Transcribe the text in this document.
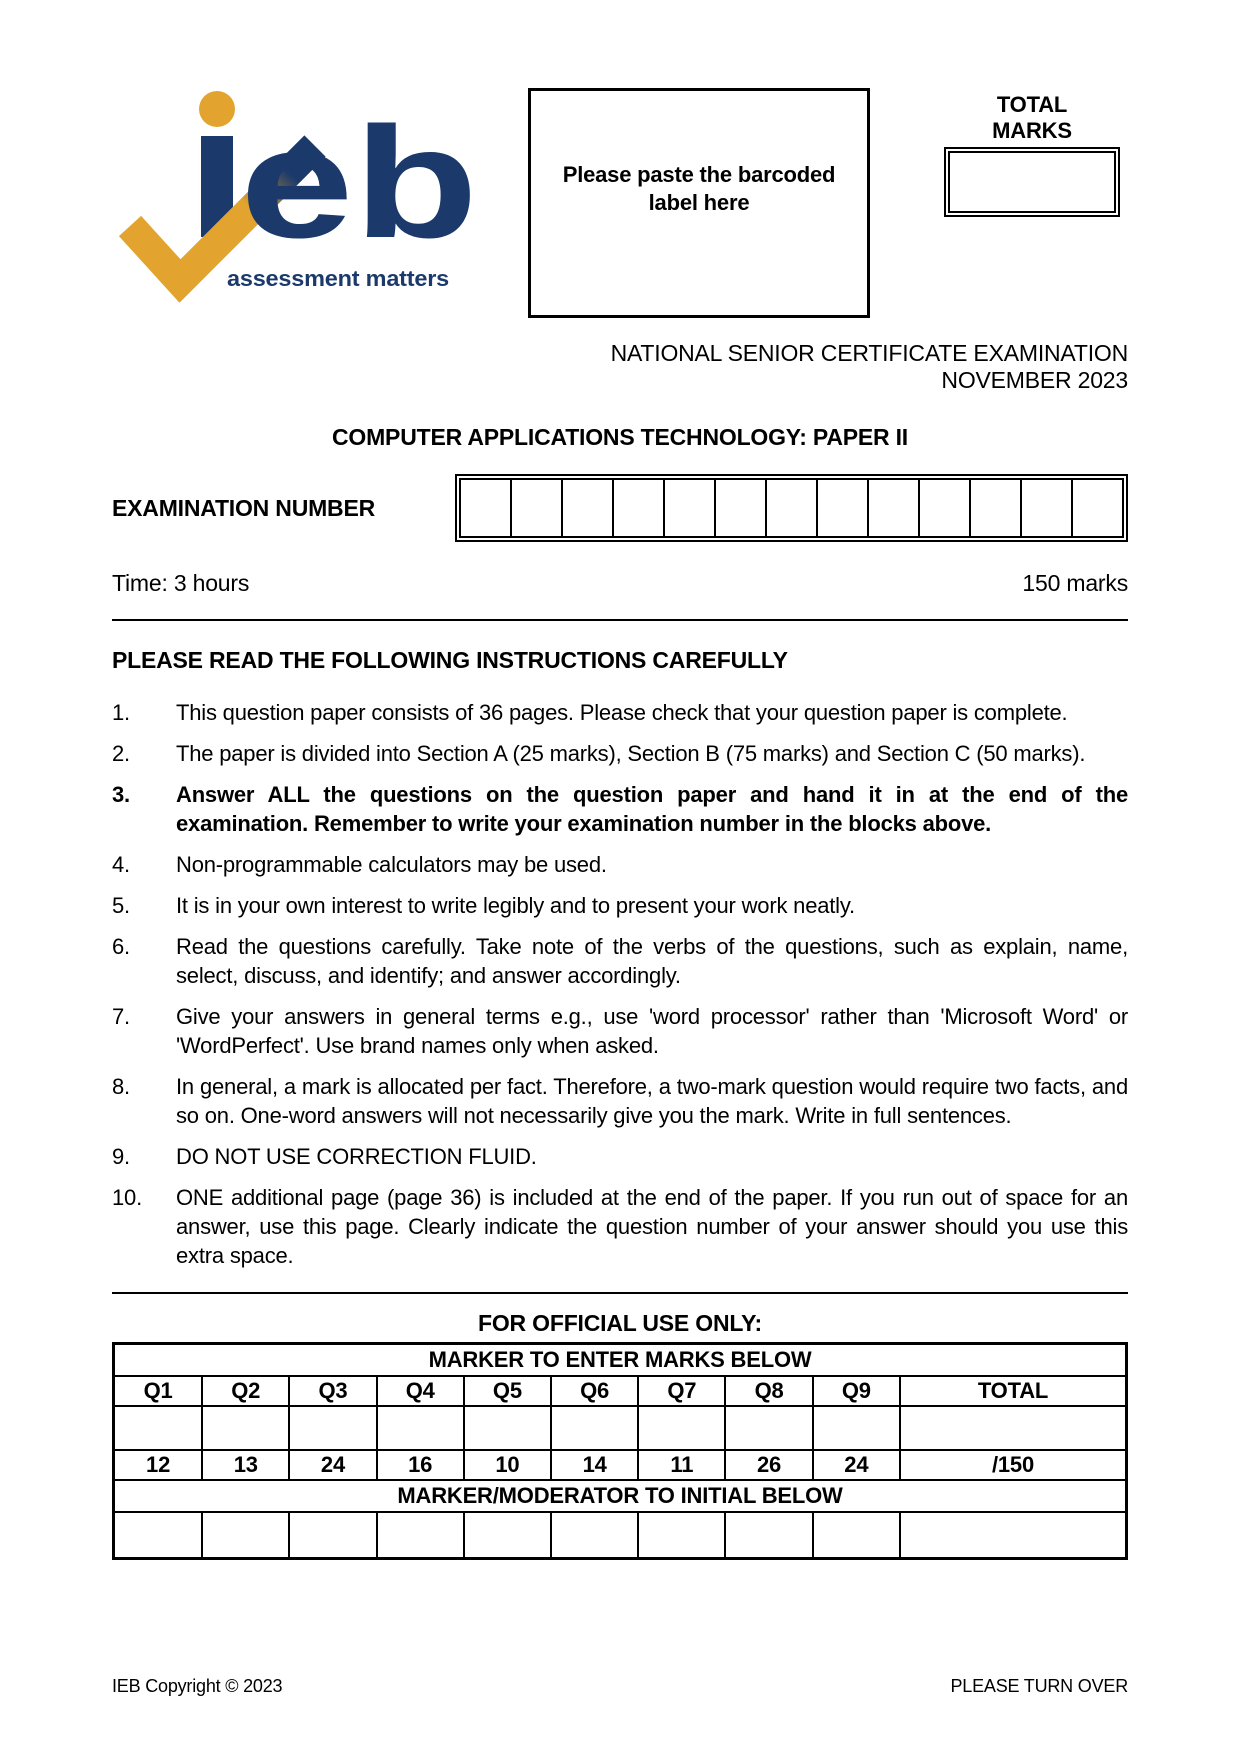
eb
assessment matters
Please paste the barcoded label here
TOTAL
MARKS
NATIONAL SENIOR CERTIFICATE EXAMINATION
NOVEMBER 2023
COMPUTER APPLICATIONS TECHNOLOGY: PAPER II
EXAMINATION NUMBER

Time: 3 hours	150 marks
PLEASE READ THE FOLLOWING INSTRUCTIONS CAREFULLY
1.	This question paper consists of 36 pages. Please check that your question paper is complete.
2.	The paper is divided into Section A (25 marks), Section B (75 marks) and Section C (50 marks).
3.	Answer ALL the questions on the question paper and hand it in at the end of the examination. Remember to write your examination number in the blocks above.
4.	Non-programmable calculators may be used.
5.	It is in your own interest to write legibly and to present your work neatly.
6.	Read the questions carefully. Take note of the verbs of the questions, such as explain, name, select, discuss, and identify; and answer accordingly.
7.	Give your answers in general terms e.g., use 'word processor' rather than 'Microsoft Word' or 'WordPerfect'. Use brand names only when asked.
8.	In general, a mark is allocated per fact. Therefore, a two-mark question would require two facts, and so on. One-word answers will not necessarily give you the mark. Write in full sentences.
9.	DO NOT USE CORRECTION FLUID.
10.	ONE additional page (page 36) is included at the end of the paper. If you run out of space for an answer, use this page. Clearly indicate the question number of your answer should you use this extra space.
FOR OFFICIAL USE ONLY:
MARKER TO ENTER MARKS BELOW									
Q1	Q2	Q3	Q4	Q5	Q6	Q7	Q8	Q9	TOTAL

12	13	24	16	10	14	11	26	24	/150
MARKER/MODERATOR TO INITIAL BELOW									

IEB Copyright © 2023	PLEASE TURN OVER
